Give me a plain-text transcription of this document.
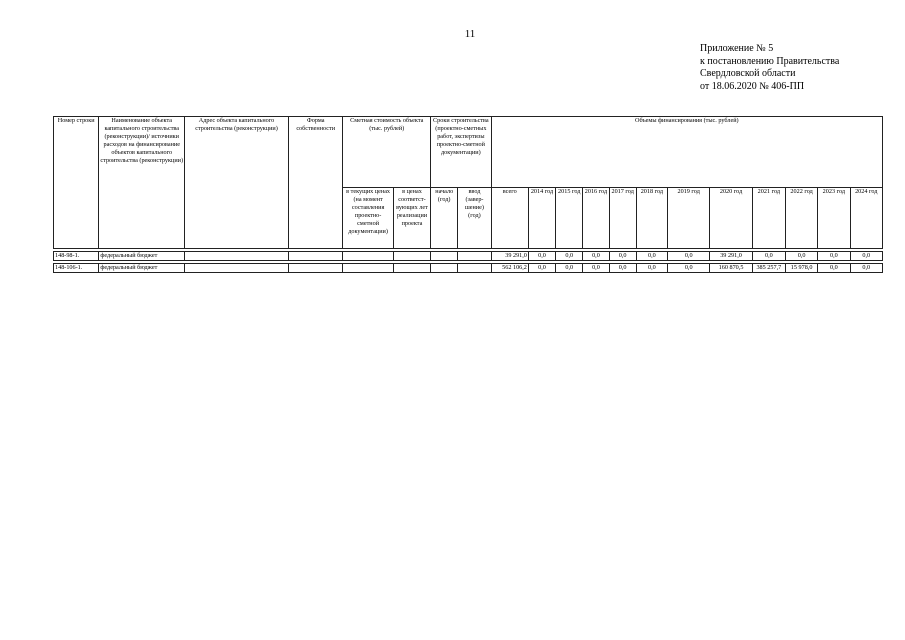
11
Приложение № 5
к постановлению Правительства
Свердловской области
от 18.06.2020 № 406-ПП
Номер строки	Наименование объекта капитального строительства (реконструкции)/ источники расходов на финансирование объектов капитального строительства (реконструкции)	Адрес объекта капитального строительства (реконструкции)	Форма собственности	Сметная стоимость объекта (тыс. рублей)		Сроки строительства (проектно-сметных работ, экспертизы проектно-сметной документации)		Объемы финансирования (тыс. рублей)											
				в текущих ценах (на момент составления проектно-сметной документации)	в ценах соответст-вующих лет реализации проекта	начало (год)	ввод (завер-шение) (год)	всего	2014 год	2015 год	2016 год	2017 год	2018 год	2019 год	2020 год	2021 год	2022 год	2023 год	2024 год

148-98-1.	федеральный бюджет							39 291,0	0,0	0,0	0,0	0,0	0,0	0,0	39 291,0	0,0	0,0	0,0	0,0

148-106-1.	федеральный бюджет							562 106,2	0,0	0,0	0,0	0,0	0,0	0,0	160 870,5	385 257,7	15 978,0	0,0	0,0
